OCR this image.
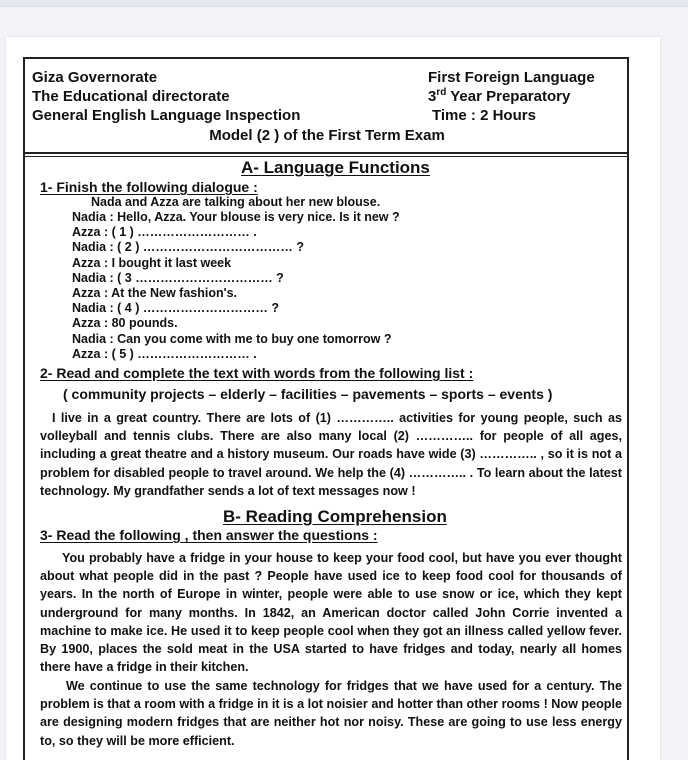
Giza Governorate
The Educational directorate
General English Language Inspection
First Foreign Language
3rd Year Preparatory
Time : 2 Hours
Model (2 ) of the First Term Exam
A- Language Functions
1- Finish the following dialogue :
Nada and Azza are talking about her new blouse.
Nadia : Hello, Azza. Your blouse is very nice. Is it new ?
Azza : ( 1 ) ……………………… .
Nadia : ( 2 ) ……………………………… ?
Azza : I bought it last week
Nadia : ( 3 …………………………… ?
Azza : At the New fashion's.
Nadia : ( 4 ) ………………………… ?
Azza : 80 pounds.
Nadia : Can you come with me to buy one tomorrow ?
Azza : ( 5 ) ……………………… .
2- Read and complete the text with words from the following list :
( community projects – elderly – facilities – pavements – sports – events )
I live in a great country. There are lots of (1) ………….. activities for young people, such as volleyball and tennis clubs. There are also many local (2) ………….. for people of all ages, including a great theatre and a history museum. Our roads have wide (3) ………….. , so it is not a problem for disabled people to travel around. We help the (4) ………….. . To learn about the latest technology. My grandfather sends a lot of text messages now !
B- Reading Comprehension
3- Read the following , then answer the questions :
You probably have a fridge in your house to keep your food cool, but have you ever thought about what people did in the past ? People have used ice to keep food cool for thousands of years. In the north of Europe in winter, people were able to use snow or ice, which they kept underground for many months. In 1842, an American doctor called John Corrie invented a machine to make ice. He used it to keep people cool when they got an illness called yellow fever. By 1900, places the sold meat in the USA started to have fridges and today, nearly all homes there have a fridge in their kitchen.
We continue to use the same technology for fridges that we have used for a century. The problem is that a room with a fridge in it is a lot noisier and hotter than other rooms ! Now people are designing modern fridges that are neither hot nor noisy. These are going to use less energy to, so they will be more efficient.
